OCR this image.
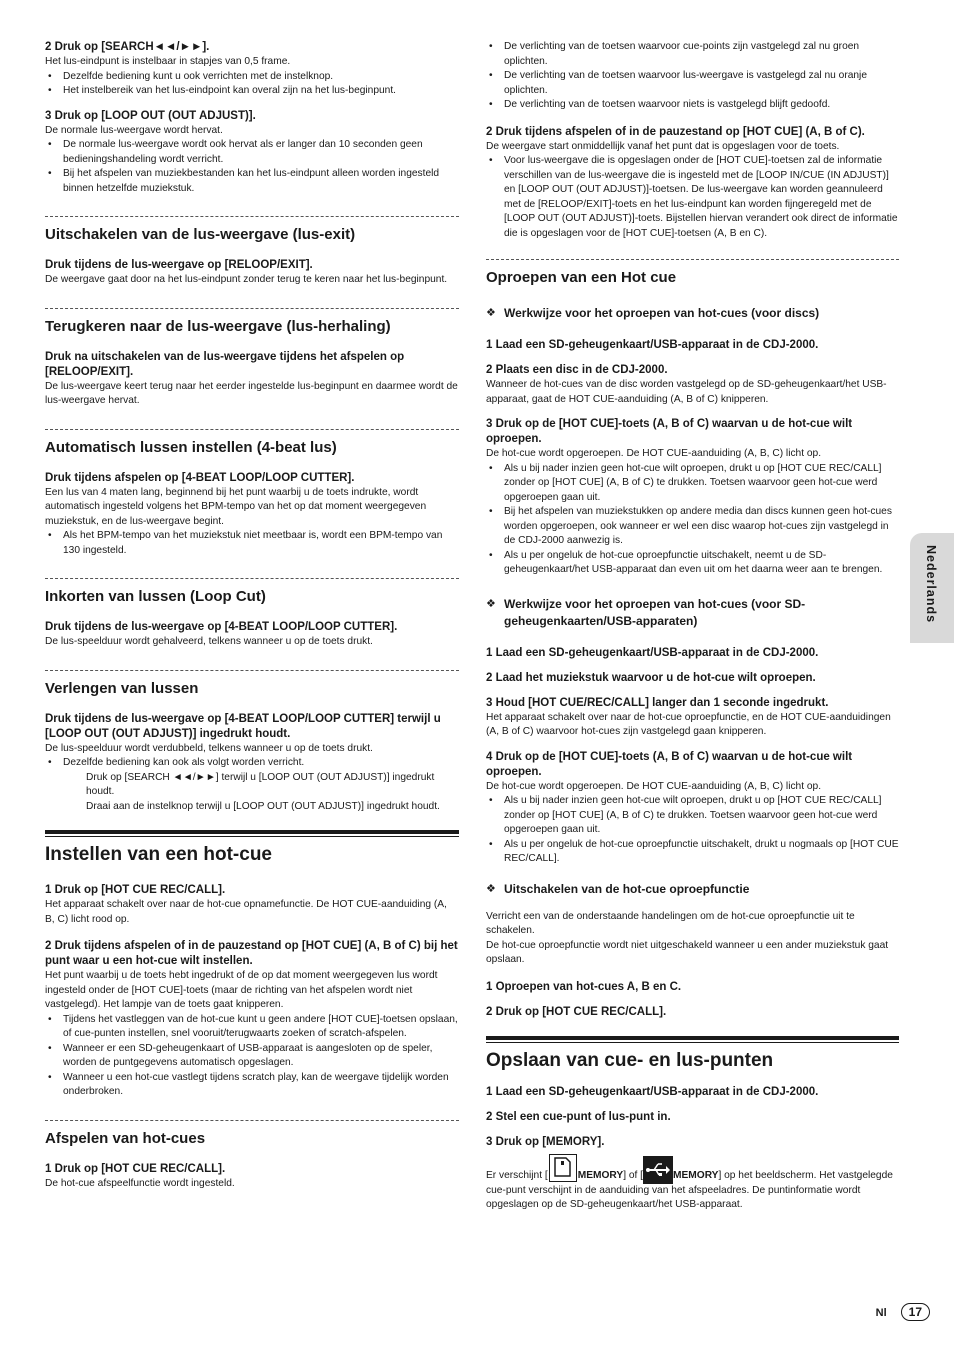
2 Druk op [SEARCH◄◄/►►].

Het lus-eindpunt is instelbaar in stapjes van 0,5 frame.

• Dezelfde bediening kunt u ook verrichten met de instelknop.
• Het instelbereik van het lus-eindpoint kan overal zijn na het lus-beginpunt.

3 Druk op [LOOP OUT (OUT ADJUST)].

De normale lus-weergave wordt hervat.

• De normale lus-weergave wordt ook hervat als er langer dan 10 seconden geen bedieningshandeling wordt verricht.
• Bij het afspelen van muziekbestanden kan het lus-eindpunt alleen worden ingesteld binnen hetzelfde muziekstuk.
Uitschakelen van de lus-weergave (lus-exit)

Druk tijdens de lus-weergave op [RELOOP/EXIT].

De weergave gaat door na het lus-eindpunt zonder terug te keren naar het lus-beginpunt.

Terugkeren naar de lus-weergave (lus-herhaling)

Druk na uitschakelen van de lus-weergave tijdens het afspelen op [RELOOP/EXIT].

De lus-weergave keert terug naar het eerder ingestelde lus-beginpunt en daarmee wordt de lus-weergave hervat.

Automatisch lussen instellen (4-beat lus)

Druk tijdens afspelen op [4-BEAT LOOP/LOOP CUTTER].

Een lus van 4 maten lang, beginnend bij het punt waarbij u de toets indrukte, wordt automatisch ingesteld volgens het BPM-tempo van het op dat moment weergegeven muziekstuk, en de lus-weergave begint.

• Als het BPM-tempo van het muziekstuk niet meetbaar is, wordt een BPM-tempo van 130 ingesteld.
Inkorten van lussen (Loop Cut)

Druk tijdens de lus-weergave op [4-BEAT LOOP/LOOP CUTTER].

De lus-speelduur wordt gehalveerd, telkens wanneer u op de toets drukt.

Verlengen van lussen

Druk tijdens de lus-weergave op [4-BEAT LOOP/LOOP CUTTER] terwijl u [LOOP OUT (OUT ADJUST)] ingedrukt houdt.

De lus-speelduur wordt verdubbeld, telkens wanneer u op de toets drukt.

• Dezelfde bediening kan ook als volgt worden verricht.

Druk op [SEARCH ◄◄/►►] terwijl u [LOOP OUT (OUT ADJUST)] ingedrukt houdt.

Draai aan de instelknop terwijl u [LOOP OUT (OUT ADJUST)] ingedrukt houdt.

Instellen van een hot-cue

1 Druk op [HOT CUE REC/CALL].

Het apparaat schakelt over naar de hot-cue opnamefunctie. De HOT CUE-aanduiding (A, B, C) licht rood op.

2 Druk tijdens afspelen of in de pauzestand op [HOT CUE] (A, B of C) bij het punt waar u een hot-cue wilt instellen.

Het punt waarbij u de toets hebt ingedrukt of de op dat moment weergegeven lus wordt ingesteld onder de [HOT CUE]-toets (maar de richting van het afspelen wordt niet vastgelegd). Het lampje van de toets gaat knipperen.

• Tijdens het vastleggen van de hot-cue kunt u geen andere [HOT CUE]-toetsen opslaan, of cue-punten instellen, snel vooruit/terugwaarts zoeken of scratch-afspelen.
• Wanneer er een SD-geheugenkaart of USB-apparaat is aangesloten op de speler, worden de puntgegevens automatisch opgeslagen.
• Wanneer u een hot-cue vastlegt tijdens scratch play, kan de weergave tijdelijk worden onderbroken.
Afspelen van hot-cues

1 Druk op [HOT CUE REC/CALL].

De hot-cue afspeelfunctie wordt ingesteld.

• De verlichting van de toetsen waarvoor cue-points zijn vastgelegd zal nu groen oplichten.
• De verlichting van de toetsen waarvoor lus-weergave is vastgelegd zal nu oranje oplichten.
• De verlichting van de toetsen waarvoor niets is vastgelegd blijft gedoofd.

2 Druk tijdens afspelen of in de pauzestand op [HOT CUE] (A, B of C).

De weergave start onmiddellijk vanaf het punt dat is opgeslagen voor de toets.

• Voor lus-weergave die is opgeslagen onder de [HOT CUE]-toetsen zal de informatie verschillen van de lus-weergave die is ingesteld met de [LOOP IN/CUE (IN ADJUST)] en [LOOP OUT (OUT ADJUST)]-toetsen. De lus-weergave kan worden geannuleerd met de [RELOOP/EXIT]-toets en het lus-eindpunt kan worden fijngeregeld met de [LOOP OUT (OUT ADJUST)]-toets. Bijstellen hiervan verandert ook direct de informatie die is opgeslagen voor de [HOT CUE]-toetsen (A, B en C).
Oproepen van een Hot cue

❖ Werkwijze voor het oproepen van hot-cues (voor discs)

1 Laad een SD-geheugenkaart/USB-apparaat in de CDJ-2000.

2 Plaats een disc in de CDJ-2000.

Wanneer de hot-cues van de disc worden vastgelegd op de SD-geheugenkaart/het USB-apparaat, gaat de HOT CUE-aanduiding (A, B of C) knipperen.

3 Druk op de [HOT CUE]-toets (A, B of C) waarvan u de hot-cue wilt oproepen.

De hot-cue wordt opgeroepen. De HOT CUE-aanduiding (A, B, C) licht op.

• Als u bij nader inzien geen hot-cue wilt oproepen, drukt u op [HOT CUE REC/CALL] zonder op [HOT CUE] (A, B of C) te drukken. Toetsen waarvoor geen hot-cue werd opgeroepen gaan uit.
• Bij het afspelen van muziekstukken op andere media dan discs kunnen geen hot-cues worden opgeroepen, ook wanneer er wel een disc waarop hot-cues zijn vastgelegd in de CDJ-2000 aanwezig is.
• Als u per ongeluk de hot-cue oproepfunctie uitschakelt, neemt u de SD-geheugenkaart/het USB-apparaat dan even uit om het daarna weer aan te brengen.

❖ Werkwijze voor het oproepen van hot-cues (voor SD-geheugenkaarten/USB-apparaten)

1 Laad een SD-geheugenkaart/USB-apparaat in de CDJ-2000.

2 Laad het muziekstuk waarvoor u de hot-cue wilt oproepen.

3 Houd [HOT CUE/REC/CALL] langer dan 1 seconde ingedrukt.

Het apparaat schakelt over naar de hot-cue oproepfunctie, en de HOT CUE-aanduidingen (A, B of C) waarvoor hot-cues zijn vastgelegd gaan knipperen.

4 Druk op de [HOT CUE]-toets (A, B of C) waarvan u de hot-cue wilt oproepen.

De hot-cue wordt opgeroepen. De HOT CUE-aanduiding (A, B, C) licht op.

• Als u bij nader inzien geen hot-cue wilt oproepen, drukt u op [HOT CUE REC/CALL] zonder op [HOT CUE] (A, B of C) te drukken. Toetsen waarvoor geen hot-cue werd opgeroepen gaan uit.
• Als u per ongeluk de hot-cue oproepfunctie uitschakelt, drukt u nogmaals op [HOT CUE REC/CALL].

❖ Uitschakelen van de hot-cue oproepfunctie

Verricht een van de onderstaande handelingen om de hot-cue oproepfunctie uit te schakelen.

De hot-cue oproepfunctie wordt niet uitgeschakeld wanneer u een ander muziekstuk gaat opslaan.

1 Oproepen van hot-cues A, B en C.

2 Druk op [HOT CUE REC/CALL].

Opslaan van cue- en lus-punten

1 Laad een SD-geheugenkaart/USB-apparaat in de CDJ-2000.

2 Stel een cue-punt of lus-punt in.

3 Druk op [MEMORY].

Er verschijnt [	MEMORY] of [	MEMORY] op het beeldscherm. Het vastgelegde cue-punt verschijnt in de aanduiding van het afspeeladres. De puntinformatie wordt opgeslagen op de SD-geheugenkaart/het USB-apparaat.

Nederlands
Nl 17
